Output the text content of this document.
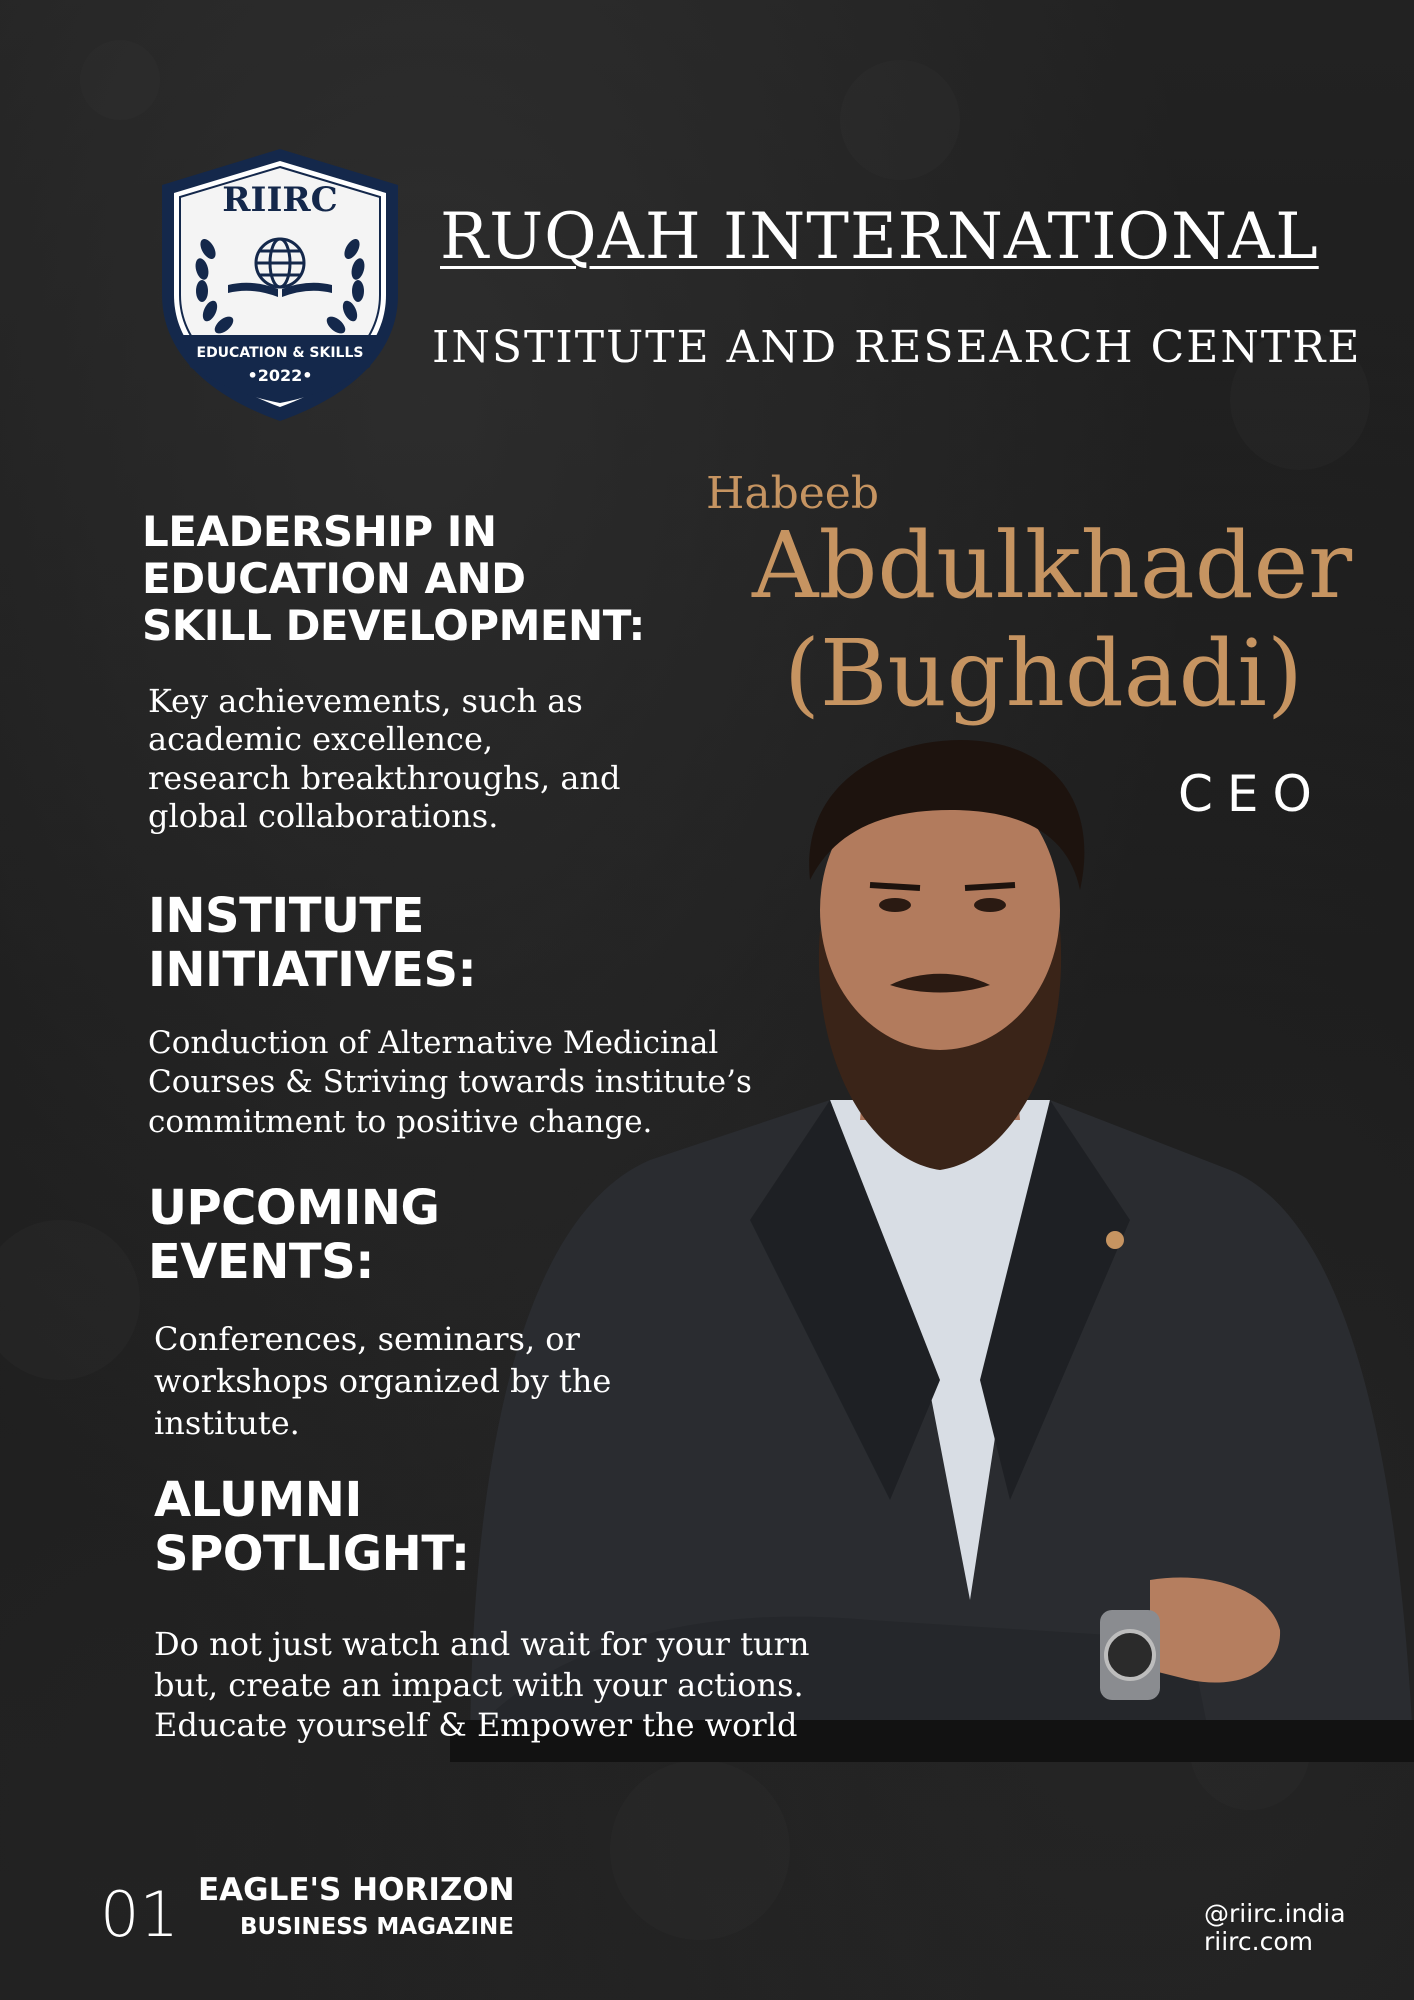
RIIRC
EDUCATION & SKILLS
•2022•
RUQAH INTERNATIONAL
INSTITUTE AND RESEARCH CENTRE
Habeeb
Abdulkhader
(Bughdadi)
CEO
LEADERSHIP IN
EDUCATION AND
SKILL DEVELOPMENT:
Key achievements, such as
academic excellence,
research breakthroughs, and
global collaborations.
INSTITUTE
INITIATIVES:
Conduction of Alternative Medicinal
Courses & Striving towards institute’s
commitment to positive change.
UPCOMING
EVENTS:
Conferences, seminars, or
workshops organized by the
institute.
ALUMNI
SPOTLIGHT:
Do not just watch and wait for your turn
but, create an impact with your actions.
Educate yourself & Empower the world
01 EAGLE'S HORIZON
BUSINESS MAGAZINE	@riirc.india
riirc.com
